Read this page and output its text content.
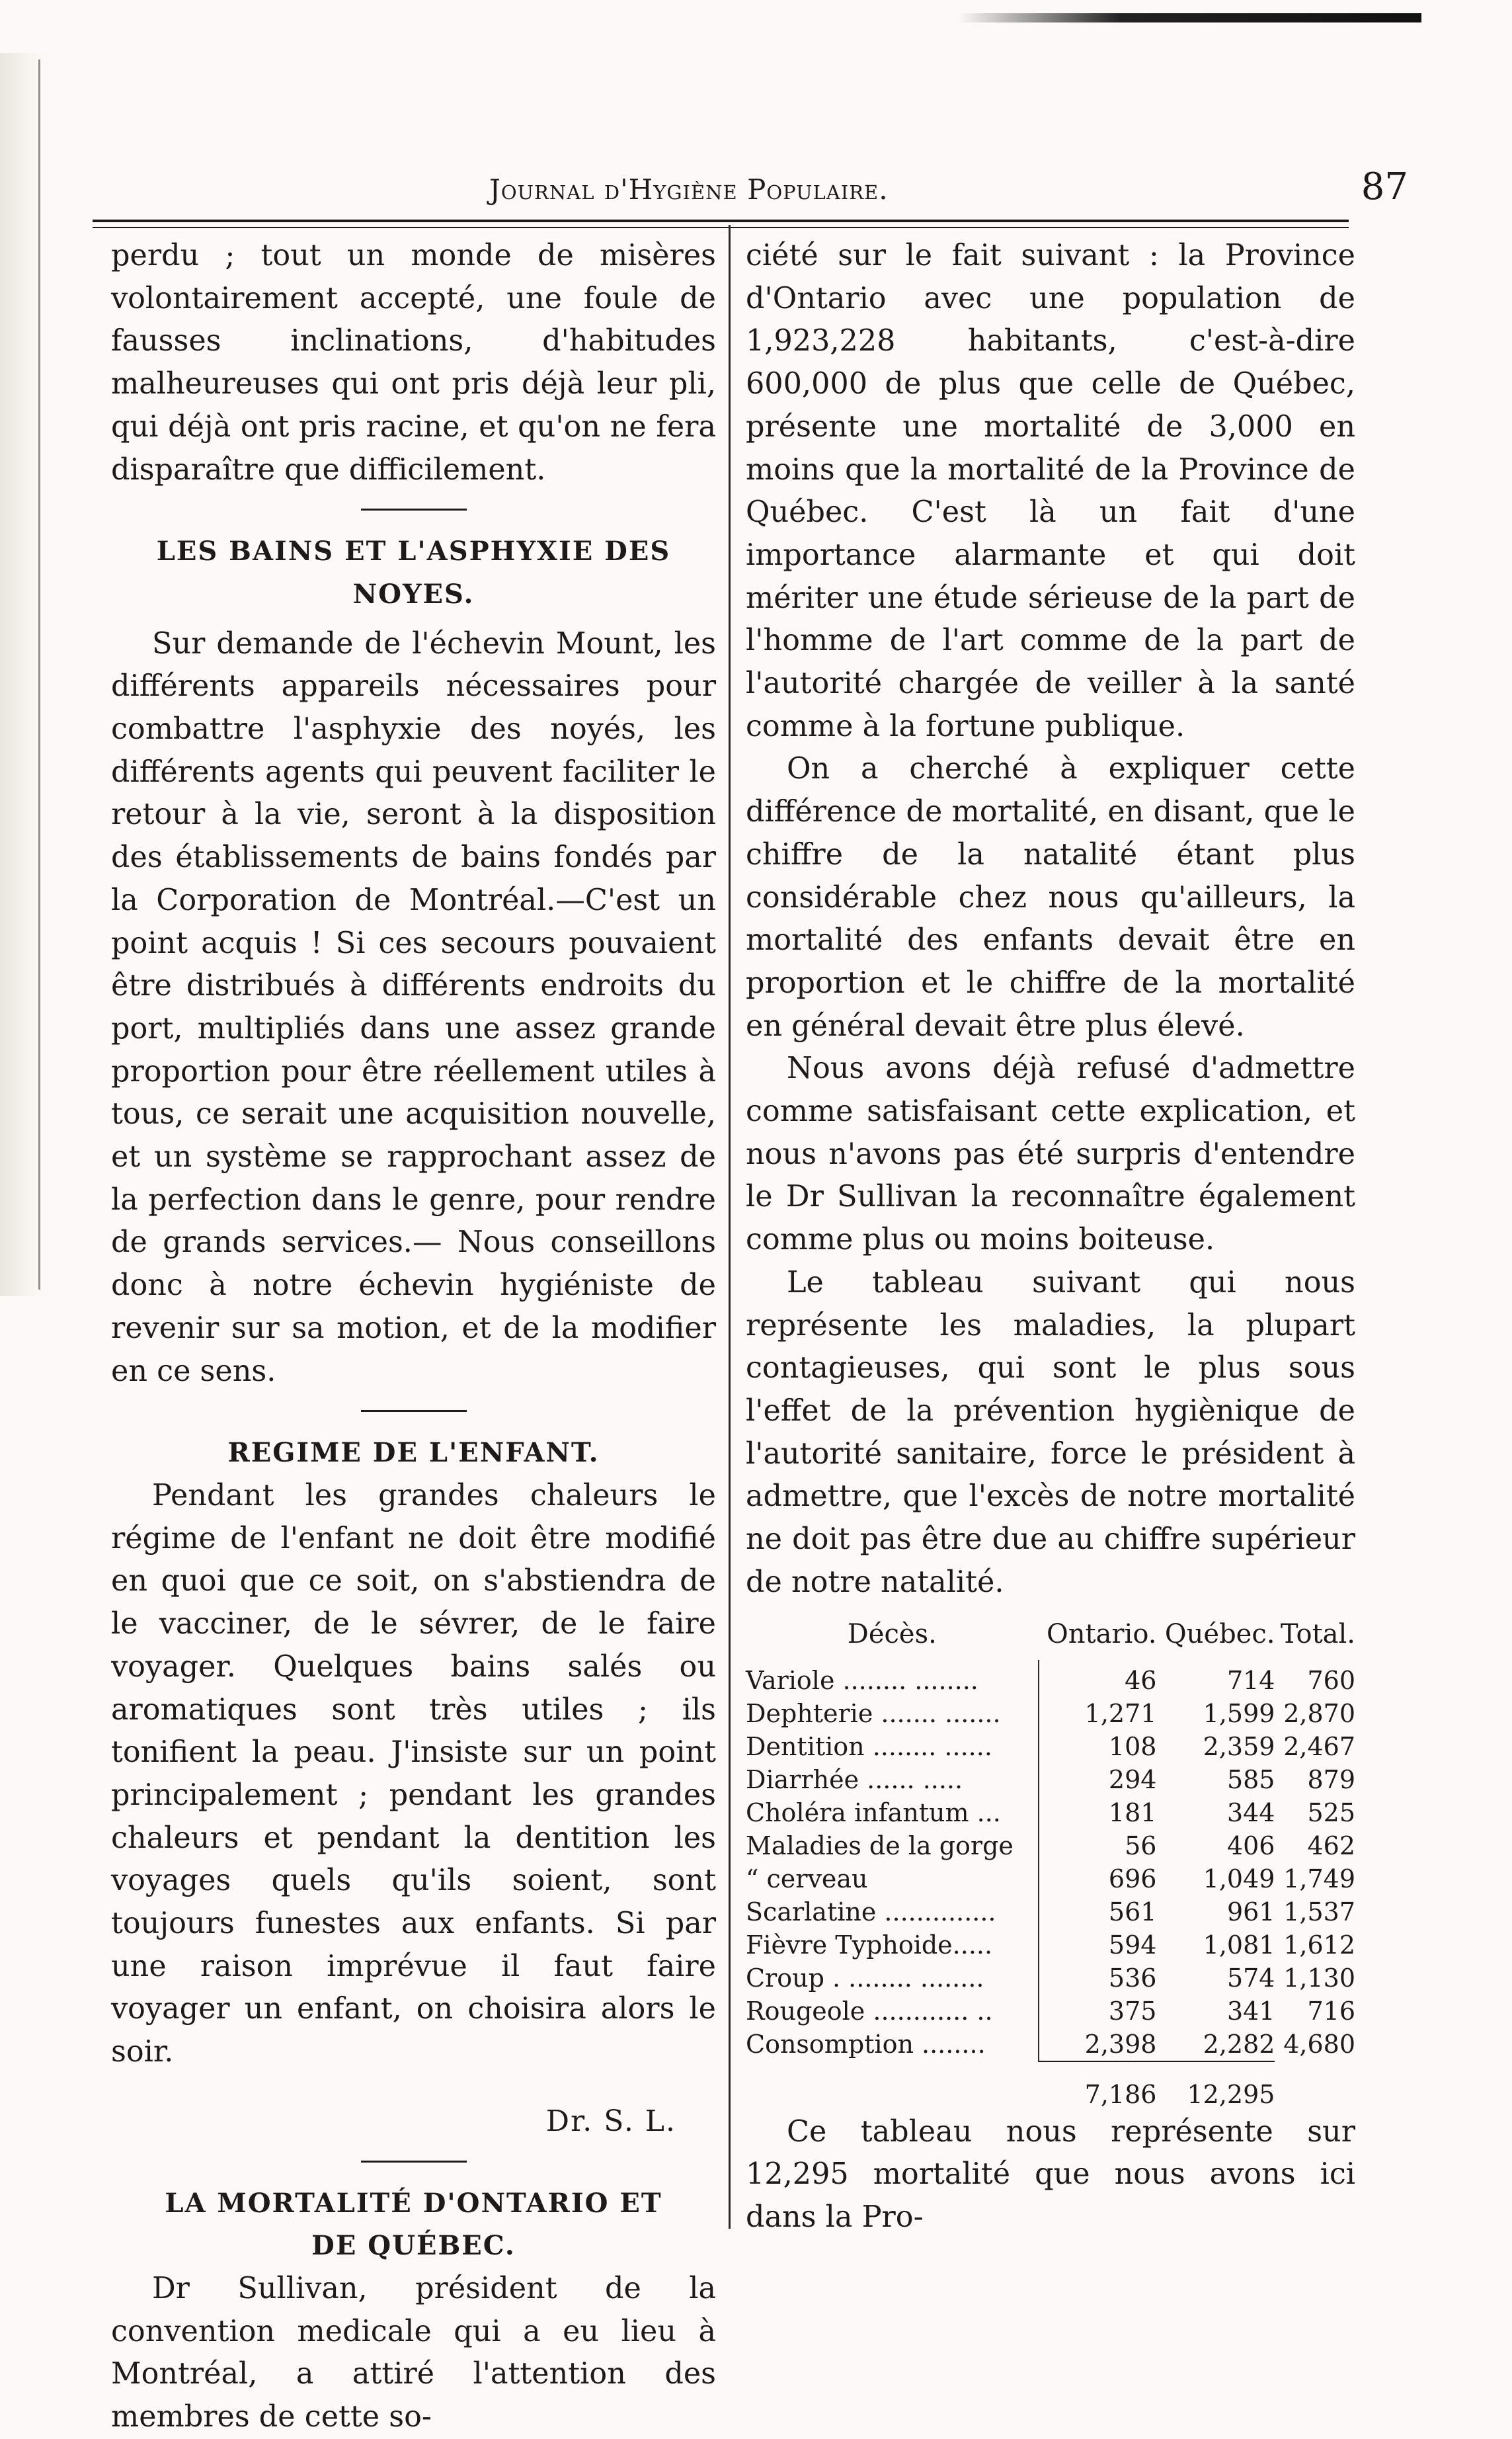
Journal d'Hygiène Populaire.	87

perdu ; tout un monde de misères volontairement accepté, une foule de fausses inclinations, d'habitudes malheureuses qui ont pris déjà leur pli, qui déjà ont pris racine, et qu'on ne fera disparaître que difficilement.

LES BAINS ET L'ASPHYXIE DES NOYES.

Sur demande de l'échevin Mount, les différents appareils nécessaires pour combattre l'asphyxie des noyés, les différents agents qui peuvent faciliter le retour à la vie, seront à la disposition des établissements de bains fondés par la Corporation de Montréal.—C'est un point acquis ! Si ces secours pouvaient être distribués à différents endroits du port, multipliés dans une assez grande proportion pour être réellement utiles à tous, ce serait une acquisition nouvelle, et un système se rapprochant assez de la perfection dans le genre, pour rendre de grands services.— Nous conseillons donc à notre échevin hygiéniste de revenir sur sa motion, et de la modifier en ce sens.

REGIME DE L'ENFANT.

Pendant les grandes chaleurs le régime de l'enfant ne doit être modifié en quoi que ce soit, on s'abstiendra de le vacciner, de le sévrer, de le faire voyager. Quelques bains salés ou aromatiques sont très utiles ; ils tonifient la peau. J'insiste sur un point principalement ; pendant les grandes chaleurs et pendant la dentition les voyages quels qu'ils soient, sont toujours funestes aux enfants. Si par une raison imprévue il faut faire voyager un enfant, on choisira alors le soir.

Dr. S. L.
LA MORTALITÉ D'ONTARIO ET DE QUÉBEC.

Dr Sullivan, président de la convention medicale qui a eu lieu à Montréal, a attiré l'attention des membres de cette so-

ciété sur le fait suivant : la Province d'Ontario avec une population de 1,923,228 habitants, c'est-à-dire 600,000 de plus que celle de Québec, présente une mortalité de 3,000 en moins que la mortalité de la Province de Québec. C'est là un fait d'une importance alarmante et qui doit mériter une étude sérieuse de la part de l'homme de l'art comme de la part de l'autorité chargée de veiller à la santé comme à la fortune publique.

On a cherché à expliquer cette différence de mortalité, en disant, que le chiffre de la natalité étant plus considérable chez nous qu'ailleurs, la mortalité des enfants devait être en proportion et le chiffre de la mortalité en général devait être plus élevé.

Nous avons déjà refusé d'admettre comme satisfaisant cette explication, et nous n'avons pas été surpris d'entendre le Dr Sullivan la reconnaître également comme plus ou moins boiteuse.

Le tableau suivant qui nous représente les maladies, la plupart contagieuses, qui sont le plus sous l'effet de la prévention hygiènique de l'autorité sanitaire, force le président à admettre, que l'excès de notre mortalité ne doit pas être due au chiffre supérieur de notre natalité.

Décès.	Ontario.	Québec.	Total.
Variole ........ ........	46	714	760
Dephterie ....... .......	1,271	1,599	2,870
Dentition ........ ......	108	2,359	2,467
Diarrhée ...... .....	294	585	879
Choléra infantum ...	181	344	525
Maladies de la gorge	56	406	462
“ cerveau	696	1,049	1,749
Scarlatine ..............	561	961	1,537
Fièvre Typhoide.....	594	1,081	1,612
Croup . ........ ........	536	574	1,130
Rougeole ............ ..	375	341	716
Consomption ........	2,398	2,282	4,680
	7,186	12,295	

Ce tableau nous représente sur 12,295 mortalité que nous avons ici dans la Pro-
